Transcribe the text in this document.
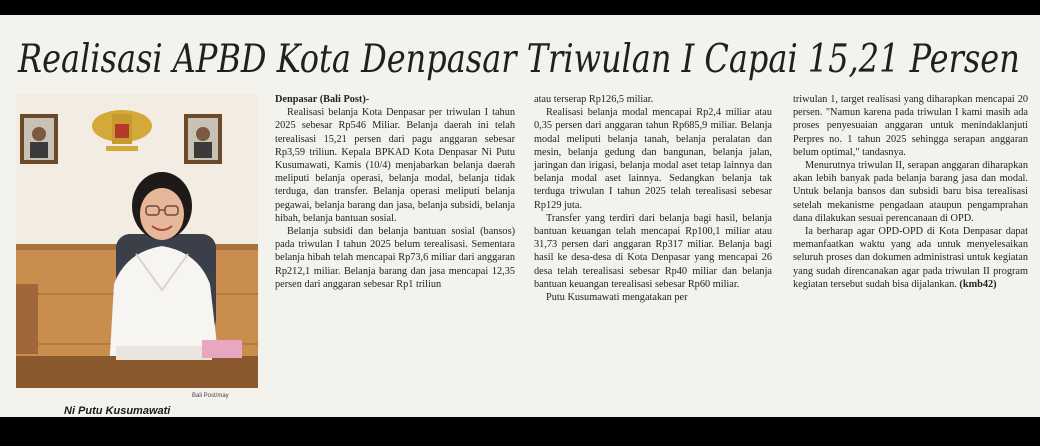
Realisasi APBD Kota Denpasar Triwulan I Capai 15,21 Persen
Bali Post/may
Ni Putu Kusumawati
Denpasar (Bali Post)-

Realisasi belanja Kota Denpasar per triwulan I tahun 2025 sebesar Rp546 Miliar. Belanja daerah ini telah terealisasi 15,21 persen dari pagu anggaran sebesar Rp3,59 triliun. Kepala BPKAD Kota Denpasar Ni Putu Kusumawati, Kamis (10/4) menjabarkan belanja daerah meliputi belanja operasi, belanja modal, belanja tidak terduga, dan transfer. Belanja operasi meliputi belanja pegawai, belanja barang dan jasa, belanja subsidi, belanja hibah, belanja bantuan sosial.

Belanja subsidi dan belanja bantuan sosial (bansos) pada triwulan I tahun 2025 belum terealisasi. Sementara belanja hibah telah mencapai Rp73,6 miliar dari anggaran Rp212,1 miliar. Belanja barang dan jasa mencapai 12,35 persen dari anggaran sebesar Rp1 triliun

atau terserap Rp126,5 miliar.

Realisasi belanja modal mencapai Rp2,4 miliar atau 0,35 persen dari anggaran tahun Rp685,9 miliar. Belanja modal meliputi belanja tanah, belanja peralatan dan mesin, belanja gedung dan bangunan, belanja jalan, jaringan dan irigasi, belanja modal aset tetap lainnya dan belanja modal aset lainnya. Sedangkan belanja tak terduga triwulan I tahun 2025 telah terealisasi sebesar Rp129 juta.

Transfer yang terdiri dari belanja bagi hasil, belanja bantuan keuangan telah mencapai Rp100,1 miliar atau 31,73 persen dari anggaran Rp317 miliar. Belanja bagi hasil ke desa-desa di Kota Denpasar yang mencapai 26 desa telah terealisasi sebesar Rp40 miliar dan belanja bantuan keuangan terealisasi sebesar Rp60 miliar.

Putu Kusumawati mengatakan per

triwulan 1, target realisasi yang diharapkan mencapai 20 persen. "Namun karena pada triwulan I kami masih ada proses penyesuaian anggaran untuk menindaklanjuti Perpres no. 1 tahun 2025 sehingga serapan anggaran belum optimal," tandasnya.

Menurutnya triwulan II, serapan anggaran diharapkan akan lebih banyak pada belanja barang jasa dan modal. Untuk belanja bansos dan subsidi baru bisa terealisasi setelah mekanisme pengadaan ataupun pengamprahan dana dilakukan sesuai perencanaan di OPD.

Ia berharap agar OPD-OPD di Kota Denpasar dapat memanfaatkan waktu yang ada untuk menyelesaikan seluruh proses dan dokumen administrasi untuk kegiatan yang sudah direncanakan agar pada triwulan II program kegiatan tersebut sudah bisa dijalankan. (kmb42)
